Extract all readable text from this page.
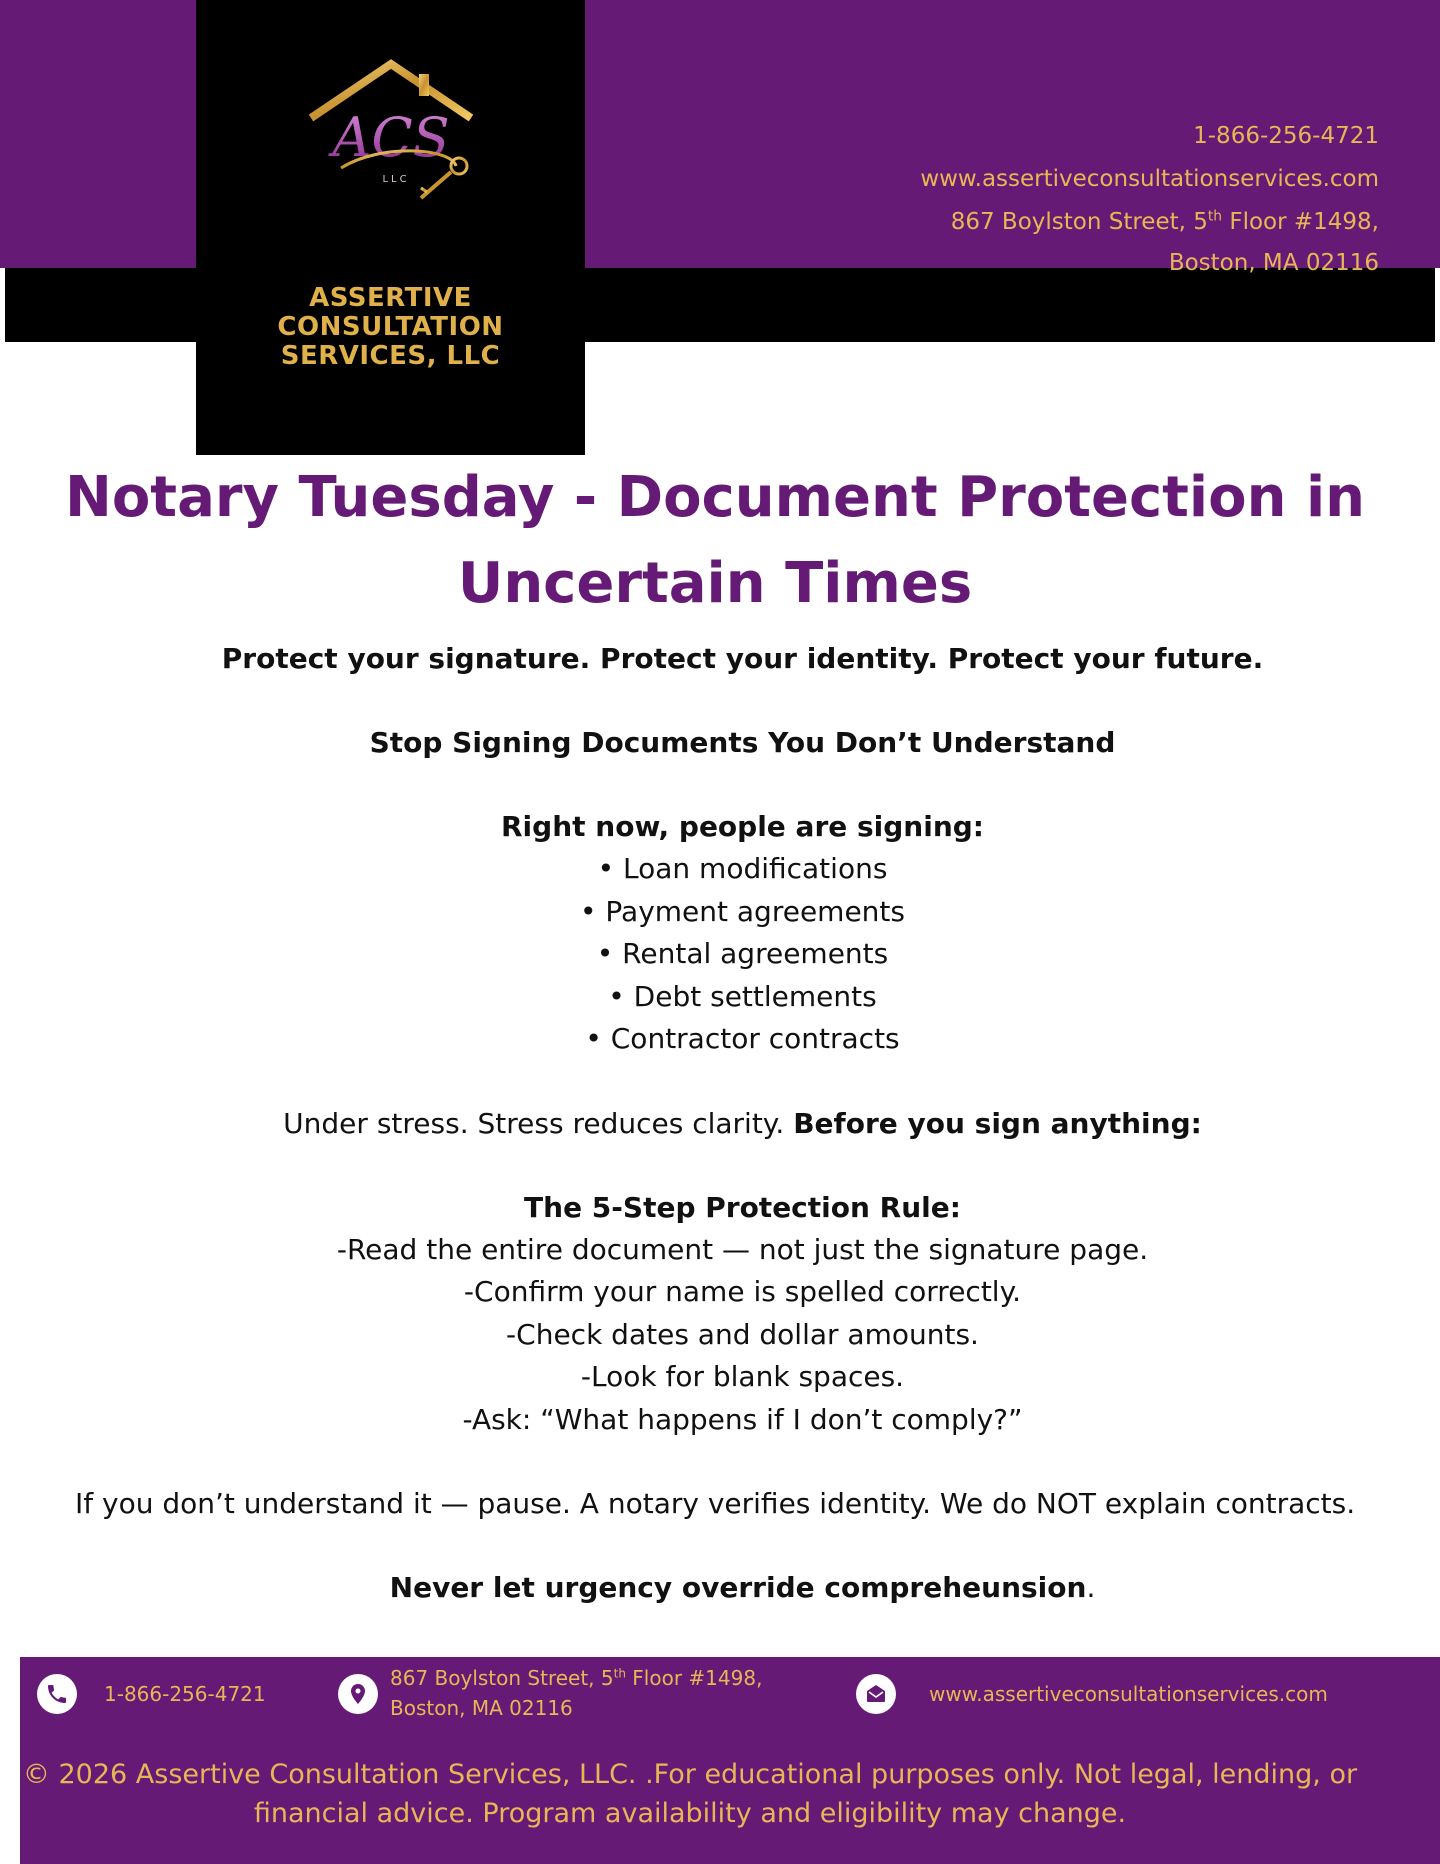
1-866-256-4721
www.assertiveconsultationservices.com
867 Boylston Street, 5th Floor #1498,
Boston, MA 02116
ACS
LLC
ASSERTIVE
CONSULTATION
SERVICES, LLC
Notary Tuesday - Document Protection in
Uncertain Times

Protect your signature. Protect your identity. Protect your future.

Stop Signing Documents You Don’t Understand

Right now, people are signing:

• Loan modifications
• Payment agreements
• Rental agreements
• Debt settlements
• Contractor contracts

Under stress. Stress reduces clarity. Before you sign anything:

The 5-Step Protection Rule:

-Read the entire document — not just the signature page.
-Confirm your name is spelled correctly.
-Check dates and dollar amounts.
-Look for blank spaces.
-Ask: “What happens if I don’t comply?”

If you don’t understand it — pause. A notary verifies identity. We do NOT explain contracts.

Never let urgency override compreheunsion.

1-866-256-4721
867 Boylston Street, 5th Floor #1498,
Boston, MA 02116
www.assertiveconsultationservices.com
© 2026 Assertive Consultation Services, LLC. .For educational purposes only. Not legal, lending, or
financial advice. Program availability and eligibility may change.
